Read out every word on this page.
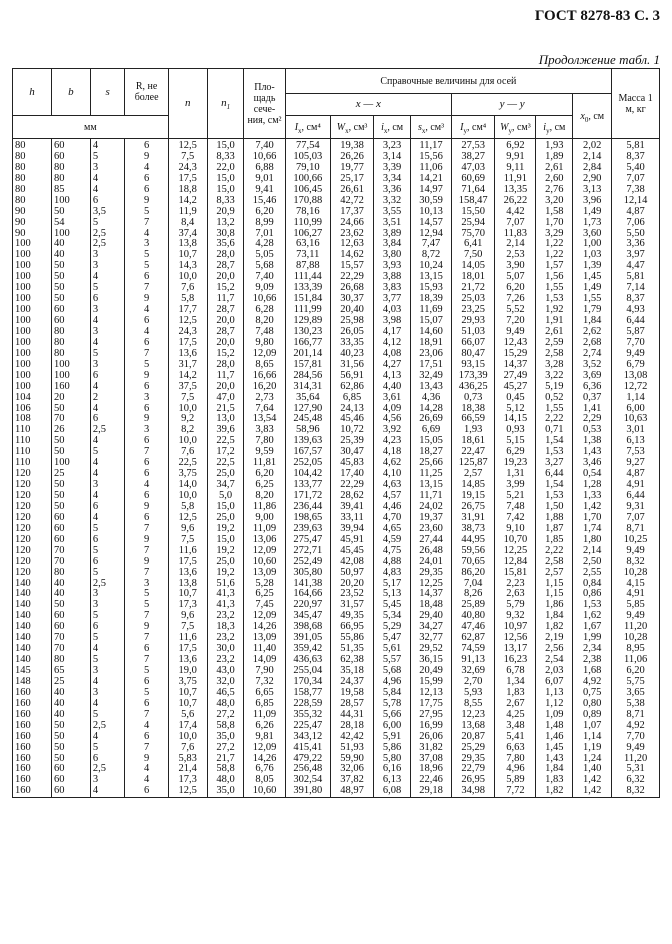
ГОСТ 8278-83 С. 3
Продолжение табл. 1
h	b	s	R, не более	n	$n_1$	Пло-щадь сече-ния, см²	Справочные величины для осей								Масса 1 м, кг
							x — x				y — y			$x_0$, см	
мм							$I_x$, см⁴	$W_x$, см³	$i_x$, см	$s_x$, см³	$I_y$, см⁴	$W_y$, см³	$i_y$, см		
80	60	4	6	12,5	15,0	7,40	77,54	19,38	3,23	11,17	27,53	6,92	1,93	2,02	5,81
80	60	5	9	7,5	8,33	10,66	105,03	26,26	3,14	15,56	38,27	9,91	1,89	2,14	8,37
80	80	3	4	24,3	22,0	6,88	79,10	19,77	3,39	11,06	47,03	9,11	2,61	2,84	5,40
80	80	4	6	17,5	15,0	9,01	100,66	25,17	3,34	14,21	60,69	11,91	2,60	2,90	7,07
80	85	4	6	18,8	15,0	9,41	106,45	26,61	3,36	14,97	71,64	13,35	2,76	3,13	7,38
80	100	6	9	14,2	8,33	15,46	170,88	42,72	3,32	30,59	158,47	26,22	3,20	3,96	12,14
90	50	3,5	5	11,9	20,9	6,20	78,16	17,37	3,55	10,13	15,50	4,42	1,58	1,49	4,87
90	54	5	7	8,4	13,2	8,99	110,99	24,66	3,51	14,57	25,94	7,07	1,70	1,73	7,06
90	100	2,5	4	37,4	30,8	7,01	106,27	23,62	3,89	12,94	75,70	11,83	3,29	3,60	5,50
100	40	2,5	3	13,8	35,6	4,28	63,16	12,63	3,84	7,47	6,41	2,14	1,22	1,00	3,36
100	40	3	5	10,7	28,0	5,05	73,11	14,62	3,80	8,72	7,50	2,53	1,22	1,03	3,97
100	50	3	5	14,3	28,7	5,68	87,88	15,57	3,93	10,24	14,05	3,90	1,57	1,39	4,47
100	50	4	6	10,0	20,0	7,40	111,44	22,29	3,88	13,15	18,01	5,07	1,56	1,45	5,81
100	50	5	7	7,6	15,2	9,09	133,39	26,68	3,83	15,93	21,72	6,20	1,55	1,49	7,14
100	50	6	9	5,8	11,7	10,66	151,84	30,37	3,77	18,39	25,03	7,26	1,53	1,55	8,37
100	60	3	4	17,7	28,7	6,28	111,99	20,40	4,03	11,69	23,25	5,52	1,92	1,79	4,93
100	60	4	6	12,5	20,0	8,20	129,89	25,98	3,98	15,07	29,93	7,20	1,91	1,84	6,44
100	80	3	4	24,3	28,7	7,48	130,23	26,05	4,17	14,60	51,03	9,49	2,61	2,62	5,87
100	80	4	6	17,5	20,0	9,80	166,77	33,35	4,12	18,91	66,07	12,43	2,59	2,68	7,70
100	80	5	7	13,6	15,2	12,09	201,14	40,23	4,08	23,06	80,47	15,29	2,58	2,74	9,49
100	100	3	5	31,7	28,0	8,65	157,81	31,56	4,27	17,51	93,15	14,37	3,28	3,52	6,79
100	100	6	9	14,2	11,7	16,66	284,56	56,91	4,13	32,49	173,39	27,49	3,22	3,69	13,08
100	160	4	6	37,5	20,0	16,20	314,31	62,86	4,40	13,43	436,25	45,27	5,19	6,36	12,72
104	20	2	3	7,5	47,0	2,73	35,64	6,85	3,61	4,36	0,73	0,45	0,52	0,37	1,14
106	50	4	6	10,0	21,5	7,64	127,90	24,13	4,09	14,28	18,38	5,12	1,55	1,41	6,00
108	70	6	9	9,2	13,0	13,54	245,48	45,46	4,56	26,69	66,59	14,15	2,22	2,29	10,63
110	26	2,5	3	8,2	39,6	3,83	58,96	10,72	3,92	6,69	1,93	0,93	0,71	0,53	3,01
110	50	4	6	10,0	22,5	7,80	139,63	25,39	4,23	15,05	18,61	5,15	1,54	1,38	6,13
110	50	5	7	7,6	17,2	9,59	167,57	30,47	4,18	18,27	22,47	6,29	1,53	1,43	7,53
110	100	4	6	22,5	22,5	11,81	252,05	45,83	4,62	25,66	125,87	19,23	3,27	3,46	9,27
120	25	4	6	3,75	25,0	6,20	104,42	17,40	4,10	11,25	2,57	1,31	6,44	0,54	4,87
120	50	3	4	14,0	34,7	6,25	133,77	22,29	4,63	13,15	14,85	3,99	1,54	1,28	4,91
120	50	4	6	10,0	5,0	8,20	171,72	28,62	4,57	11,71	19,15	5,21	1,53	1,33	6,44
120	50	6	9	5,8	15,0	11,86	236,44	39,41	4,46	24,02	26,75	7,48	1,50	1,42	9,31
120	60	4	6	12,5	25,0	9,00	198,65	33,11	4,70	19,37	31,91	7,42	1,88	1,70	7,07
120	60	5	7	9,6	19,2	11,09	239,63	39,94	4,65	23,60	38,73	9,10	1,87	1,74	8,71
120	60	6	9	7,5	15,0	13,06	275,47	45,91	4,59	27,44	44,95	10,70	1,85	1,80	10,25
120	70	5	7	11,6	19,2	12,09	272,71	45,45	4,75	26,48	59,56	12,25	2,22	2,14	9,49
120	70	6	9	17,5	25,0	10,60	252,49	42,08	4,88	24,01	70,65	12,84	2,58	2,50	8,32
120	80	5	7	13,6	19,2	13,09	305,80	50,97	4,83	29,35	86,20	15,81	2,57	2,55	10,28
140	40	2,5	3	13,8	51,6	5,28	141,38	20,20	5,17	12,25	7,04	2,23	1,15	0,84	4,15
140	40	3	5	10,7	41,3	6,25	164,66	23,52	5,13	14,37	8,26	2,63	1,15	0,86	4,91
140	50	3	5	17,3	41,3	7,45	220,97	31,57	5,45	18,48	25,89	5,79	1,86	1,53	5,85
140	60	5	7	9,6	23,2	12,09	345,47	49,35	5,34	29,40	40,80	9,32	1,84	1,62	9,49
140	60	6	9	7,5	18,3	14,26	398,68	66,95	5,29	34,27	47,46	10,97	1,82	1,67	11,20
140	70	5	7	11,6	23,2	13,09	391,05	55,86	5,47	32,77	62,87	12,56	2,19	1,99	10,28
140	70	4	6	17,5	30,0	11,40	359,42	51,35	5,61	29,52	74,59	13,17	2,56	2,34	8,95
140	80	5	7	13,6	23,2	14,09	436,63	62,38	5,57	36,15	91,13	16,23	2,54	2,38	11,06
145	65	3	5	19,0	43,0	7,90	255,04	35,18	5,68	20,49	32,69	6,78	2,03	1,68	6,20
148	25	4	6	3,75	32,0	7,32	170,34	24,37	4,96	15,99	2,70	1,34	6,07	4,92	5,75
160	40	3	5	10,7	46,5	6,65	158,77	19,58	5,84	12,13	5,93	1,83	1,13	0,75	3,65
160	40	4	6	10,7	48,0	6,85	228,59	28,57	5,78	17,75	8,55	2,67	1,12	0,80	5,38
160	40	5	7	5,6	27,2	11,09	355,32	44,31	5,66	27,95	12,23	4,25	1,09	0,89	8,71
160	50	2,5	4	17,4	58,8	6,26	225,47	28,18	6,00	16,99	13,68	3,48	1,48	1,07	4,92
160	50	4	6	10,0	35,0	9,81	343,12	42,42	5,91	26,06	20,87	5,41	1,46	1,14	7,70
160	50	5	7	7,6	27,2	12,09	415,41	51,93	5,86	31,82	25,29	6,63	1,45	1,19	9,49
160	50	6	9	5,83	21,7	14,26	479,22	59,90	5,80	37,08	29,35	7,80	1,43	1,24	11,20
160	60	2,5	4	21,4	58,8	6,76	256,48	32,06	6,16	18,96	22,79	4,96	1,84	1,40	5,31
160	60	3	4	17,3	48,0	8,05	302,54	37,82	6,13	22,46	26,95	5,89	1,83	1,42	6,32
160	60	4	6	12,5	35,0	10,60	391,80	48,97	6,08	29,18	34,98	7,72	1,82	1,42	8,32
